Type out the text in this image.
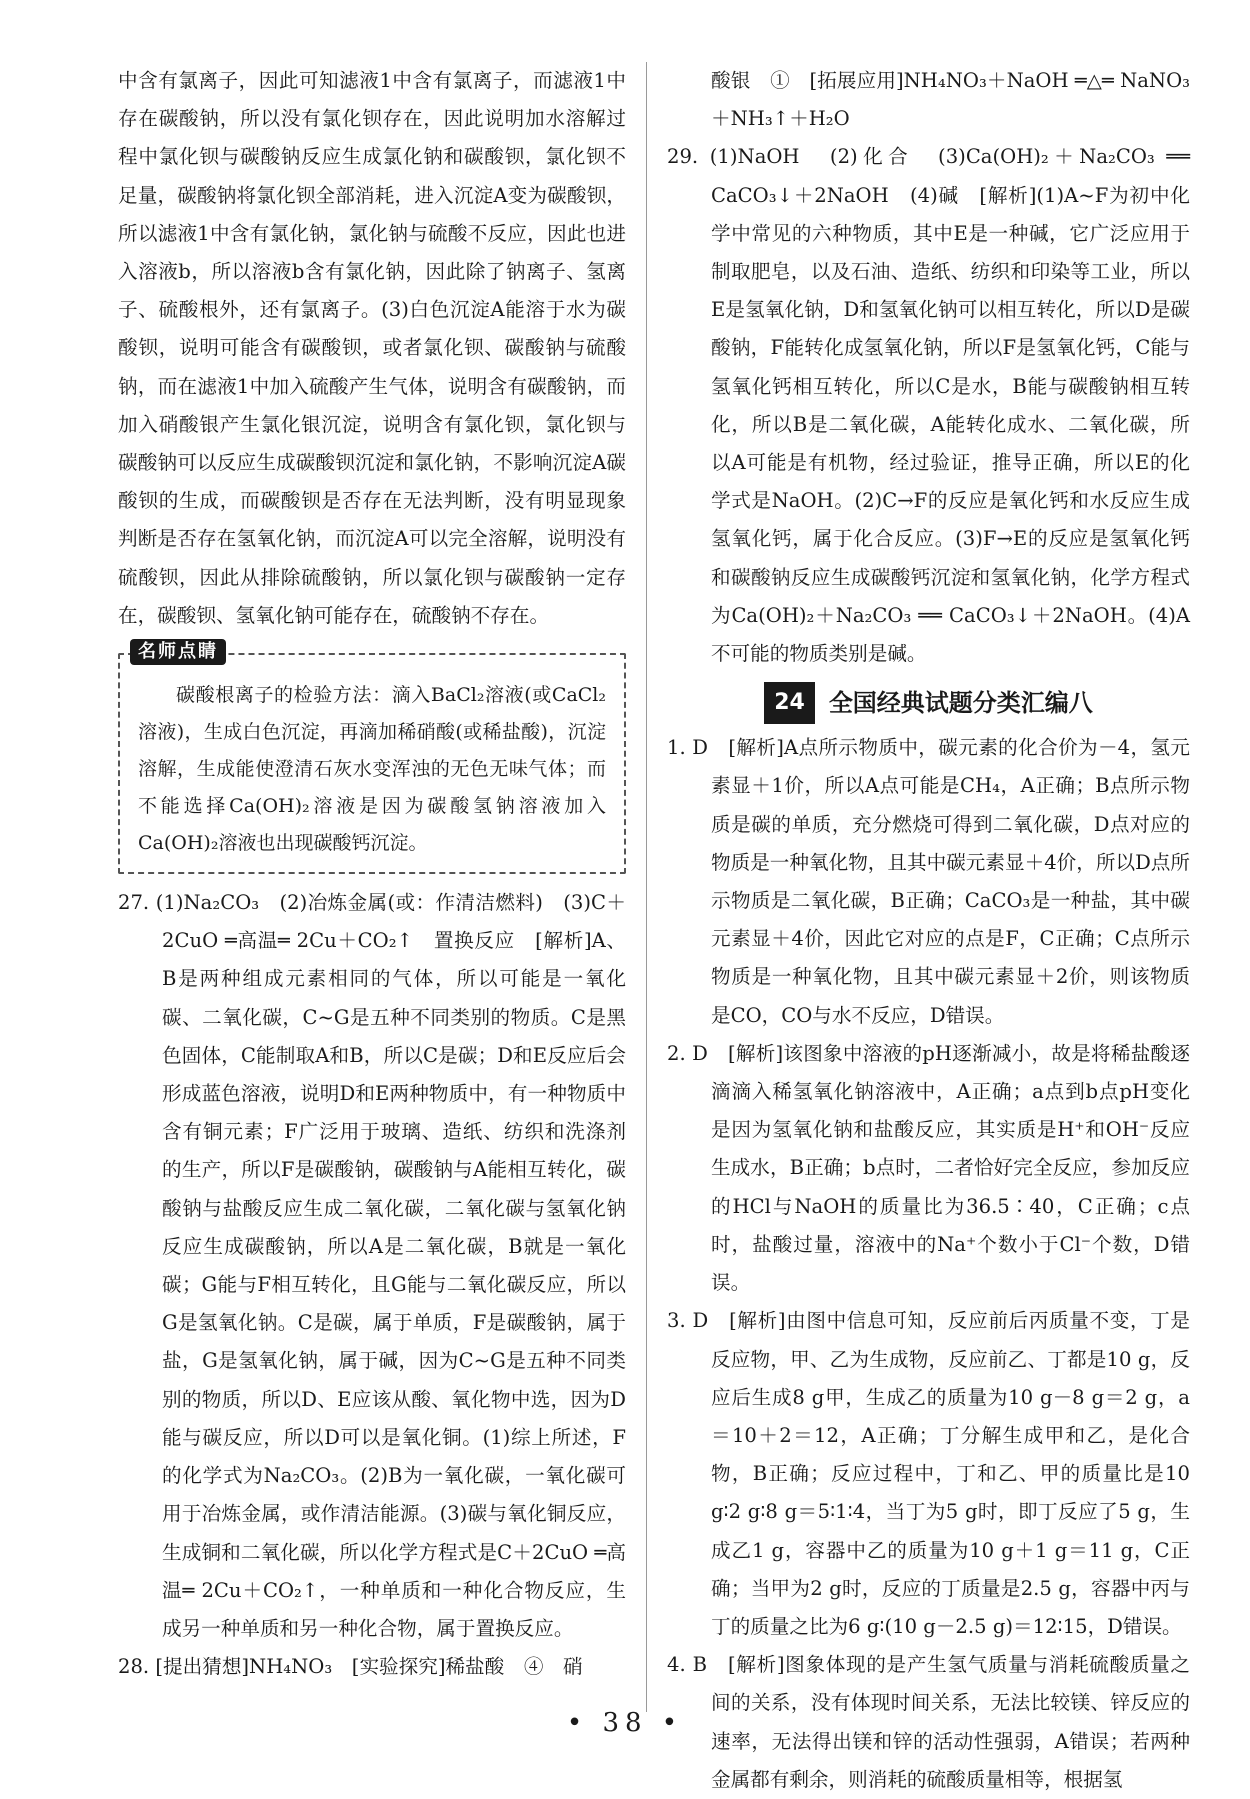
中含有氯离子，因此可知滤液1中含有氯离子，而滤液1中存在碳酸钠，所以没有氯化钡存在，因此说明加水溶解过程中氯化钡与碳酸钠反应生成氯化钠和碳酸钡，氯化钡不足量，碳酸钠将氯化钡全部消耗，进入沉淀A变为碳酸钡，所以滤液1中含有氯化钠，氯化钠与硫酸不反应，因此也进入溶液b，所以溶液b含有氯化钠，因此除了钠离子、氢离子、硫酸根外，还有氯离子。(3)白色沉淀A能溶于水为碳酸钡，说明可能含有碳酸钡，或者氯化钡、碳酸钠与硫酸钠，而在滤液1中加入硫酸产生气体，说明含有碳酸钠，而加入硝酸银产生氯化银沉淀，说明含有氯化钡，氯化钡与碳酸钠可以反应生成碳酸钡沉淀和氯化钠，不影响沉淀A碳酸钡的生成，而碳酸钡是否存在无法判断，没有明显现象判断是否存在氢氧化钠，而沉淀A可以完全溶解，说明没有硫酸钡，因此从排除硫酸钠，所以氯化钡与碳酸钠一定存在，碳酸钡、氢氧化钠可能存在，硫酸钠不存在。

名师点睛

碳酸根离子的检验方法：滴入BaCl₂溶液(或CaCl₂溶液)，生成白色沉淀，再滴加稀硝酸(或稀盐酸)，沉淀溶解，生成能使澄清石灰水变浑浊的无色无味气体；而不能选择Ca(OH)₂溶液是因为碳酸氢钠溶液加入Ca(OH)₂溶液也出现碳酸钙沉淀。

27. (1)Na₂CO₃　(2)冶炼金属(或：作清洁燃料)　(3)C＋2CuO ═高温═ 2Cu＋CO₂↑　置换反应　[解析]A、B是两种组成元素相同的气体，所以可能是一氧化碳、二氧化碳，C~G是五种不同类别的物质。C是黑色固体，C能制取A和B，所以C是碳；D和E反应后会形成蓝色溶液，说明D和E两种物质中，有一种物质中含有铜元素；F广泛用于玻璃、造纸、纺织和洗涤剂的生产，所以F是碳酸钠，碳酸钠与A能相互转化，碳酸钠与盐酸反应生成二氧化碳，二氧化碳与氢氧化钠反应生成碳酸钠，所以A是二氧化碳，B就是一氧化碳；G能与F相互转化，且G能与二氧化碳反应，所以G是氢氧化钠。C是碳，属于单质，F是碳酸钠，属于盐，G是氢氧化钠，属于碱，因为C~G是五种不同类别的物质，所以D、E应该从酸、氧化物中选，因为D能与碳反应，所以D可以是氧化铜。(1)综上所述，F的化学式为Na₂CO₃。(2)B为一氧化碳，一氧化碳可用于冶炼金属，或作清洁能源。(3)碳与氧化铜反应，生成铜和二氧化碳，所以化学方程式是C＋2CuO ═高温═ 2Cu＋CO₂↑，一种单质和一种化合物反应，生成另一种单质和另一种化合物，属于置换反应。

28. [提出猜想]NH₄NO₃　[实验探究]稀盐酸　④　硝

酸银　①　[拓展应用]NH₄NO₃＋NaOH ═△═ NaNO₃＋NH₃↑＋H₂O

29. (1)NaOH　(2)化合　(3)Ca(OH)₂＋Na₂CO₃ ══ CaCO₃↓＋2NaOH　(4)碱　[解析](1)A~F为初中化学中常见的六种物质，其中E是一种碱，它广泛应用于制取肥皂，以及石油、造纸、纺织和印染等工业，所以E是氢氧化钠，D和氢氧化钠可以相互转化，所以D是碳酸钠，F能转化成氢氧化钠，所以F是氢氧化钙，C能与氢氧化钙相互转化，所以C是水，B能与碳酸钠相互转化，所以B是二氧化碳，A能转化成水、二氧化碳，所以A可能是有机物，经过验证，推导正确，所以E的化学式是NaOH。(2)C→F的反应是氧化钙和水反应生成氢氧化钙，属于化合反应。(3)F→E的反应是氢氧化钙和碳酸钠反应生成碳酸钙沉淀和氢氧化钠，化学方程式为Ca(OH)₂＋Na₂CO₃ ══ CaCO₃↓＋2NaOH。(4)A不可能的物质类别是碱。

24	全国经典试题分类汇编八

1. D　[解析]A点所示物质中，碳元素的化合价为－4，氢元素显＋1价，所以A点可能是CH₄，A正确；B点所示物质是碳的单质，充分燃烧可得到二氧化碳，D点对应的物质是一种氧化物，且其中碳元素显＋4价，所以D点所示物质是二氧化碳，B正确；CaCO₃是一种盐，其中碳元素显＋4价，因此它对应的点是F，C正确；C点所示物质是一种氧化物，且其中碳元素显＋2价，则该物质是CO，CO与水不反应，D错误。

2. D　[解析]该图象中溶液的pH逐渐减小，故是将稀盐酸逐滴滴入稀氢氧化钠溶液中，A正确；a点到b点pH变化是因为氢氧化钠和盐酸反应，其实质是H⁺和OH⁻反应生成水，B正确；b点时，二者恰好完全反应，参加反应的HCl与NaOH的质量比为36.5∶40，C正确；c点时，盐酸过量，溶液中的Na⁺个数小于Cl⁻个数，D错误。

3. D　[解析]由图中信息可知，反应前后丙质量不变，丁是反应物，甲、乙为生成物，反应前乙、丁都是10 g，反应后生成8 g甲，生成乙的质量为10 g－8 g＝2 g，a＝10＋2＝12，A正确；丁分解生成甲和乙，是化合物，B正确；反应过程中，丁和乙、甲的质量比是10 g∶2 g∶8 g＝5∶1∶4，当丁为5 g时，即丁反应了5 g，生成乙1 g，容器中乙的质量为10 g＋1 g＝11 g，C正确；当甲为2 g时，反应的丁质量是2.5 g，容器中丙与丁的质量之比为6 g∶(10 g－2.5 g)＝12∶15，D错误。

4. B　[解析]图象体现的是产生氢气质量与消耗硫酸质量之间的关系，没有体现时间关系，无法比较镁、锌反应的速率，无法得出镁和锌的活动性强弱，A错误；若两种金属都有剩余，则消耗的硫酸质量相等，根据氢

• 38 •
